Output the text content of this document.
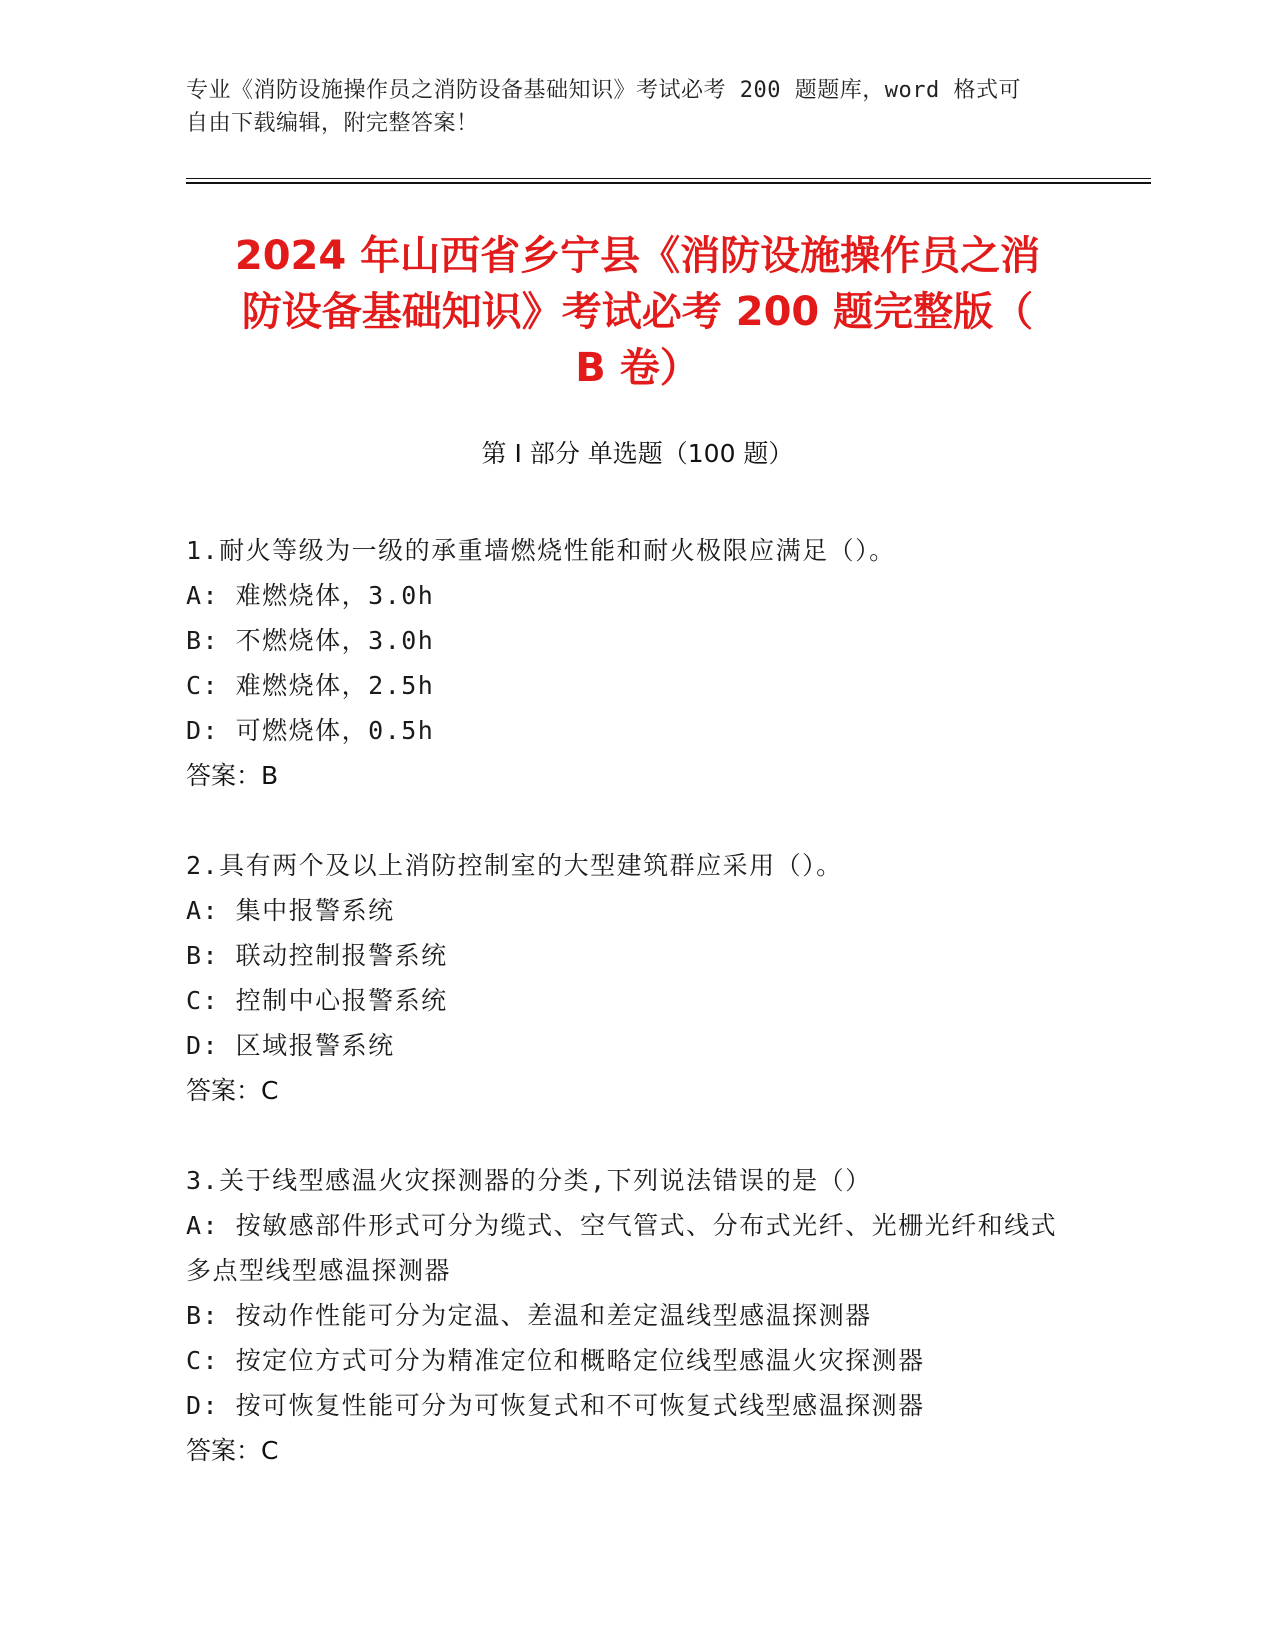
专业《消防设施操作员之消防设备基础知识》考试必考 200 题题库，word 格式可
自由下载编辑，附完整答案！
2024 年山西省乡宁县《消防设施操作员之消
防设备基础知识》考试必考 200 题完整版（
B 卷）
第 I 部分 单选题（100 题）
1.耐火等级为一级的承重墙燃烧性能和耐火极限应满足（）。
A: 难燃烧体，3.0h
B: 不燃烧体，3.0h
C: 难燃烧体，2.5h
D: 可燃烧体，0.5h
答案：B
2.具有两个及以上消防控制室的大型建筑群应采用（）。
A: 集中报警系统
B: 联动控制报警系统
C: 控制中心报警系统
D: 区域报警系统
答案：C
3.关于线型感温火灾探测器的分类,下列说法错误的是（）
A: 按敏感部件形式可分为缆式、空气管式、分布式光纤、光栅光纤和线式多点型线型感温探测器
B: 按动作性能可分为定温、差温和差定温线型感温探测器
C: 按定位方式可分为精准定位和概略定位线型感温火灾探测器
D: 按可恢复性能可分为可恢复式和不可恢复式线型感温探测器
答案：C
